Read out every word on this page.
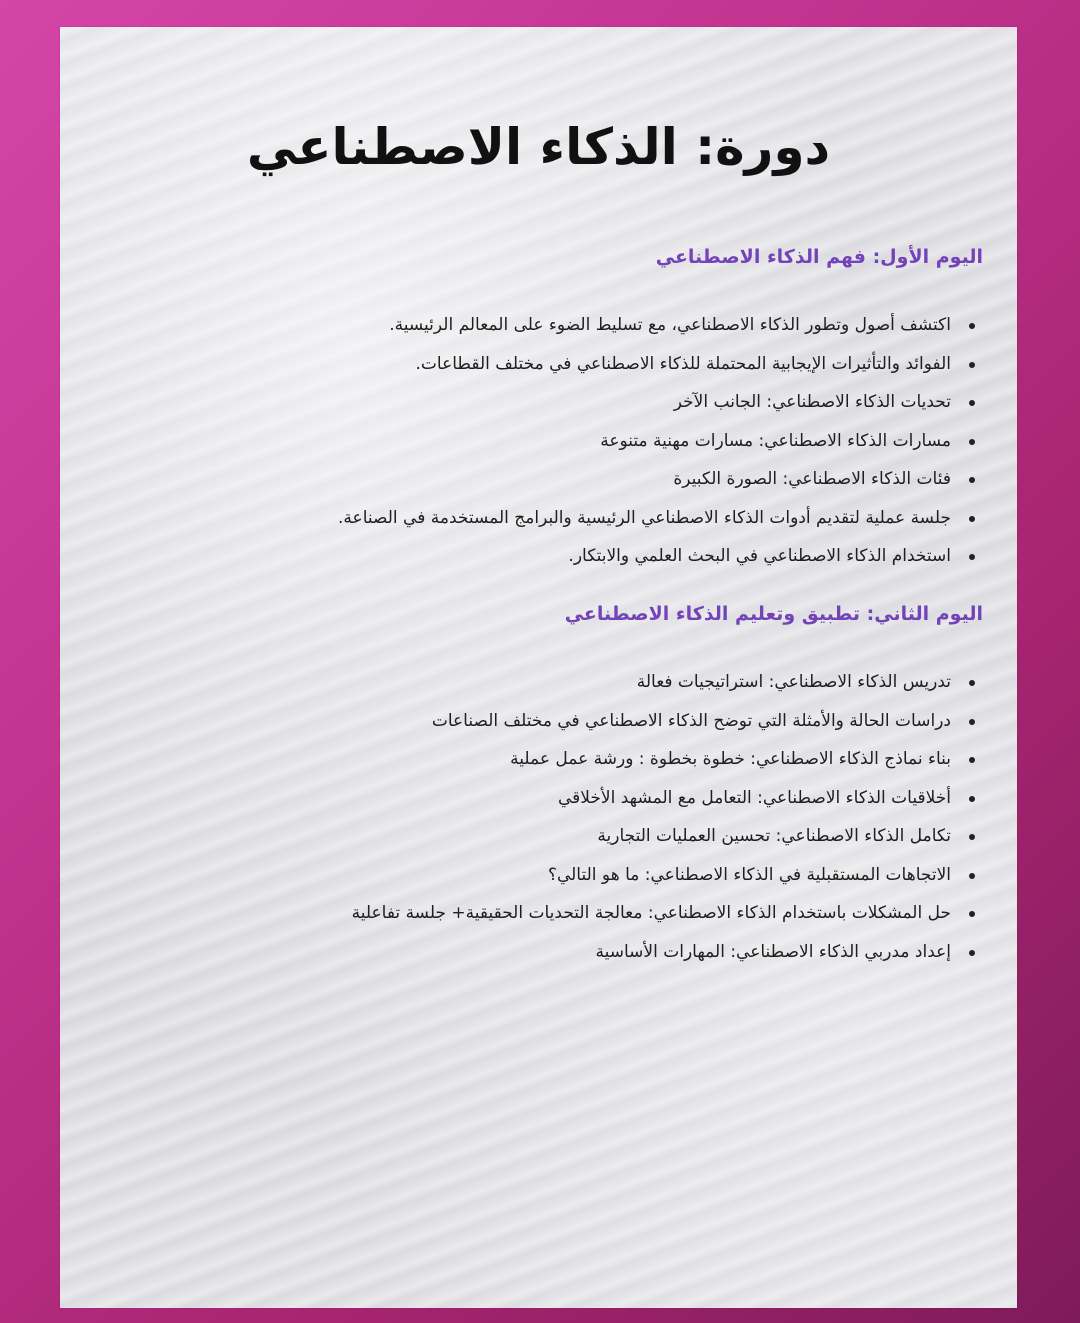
دورة: الذكاء الاصطناعي
اليوم الأول: فهم الذكاء الاصطناعي
اكتشف أصول وتطور الذكاء الاصطناعي، مع تسليط الضوء على المعالم الرئيسية.
الفوائد والتأثيرات الإيجابية المحتملة للذكاء الاصطناعي في مختلف القطاعات.
تحديات الذكاء الاصطناعي: الجانب الآخر
مسارات الذكاء الاصطناعي: مسارات مهنية متنوعة
فئات الذكاء الاصطناعي: الصورة الكبيرة
جلسة عملية لتقديم أدوات الذكاء الاصطناعي الرئيسية والبرامج المستخدمة في الصناعة.
استخدام الذكاء الاصطناعي في البحث العلمي والابتكار.
اليوم الثاني: تطبيق وتعليم الذكاء الاصطناعي
تدريس الذكاء الاصطناعي: استراتيجيات فعالة
دراسات الحالة والأمثلة التي توضح الذكاء الاصطناعي في مختلف الصناعات
بناء نماذج الذكاء الاصطناعي: خطوة بخطوة : ورشة عمل عملية
أخلاقيات الذكاء الاصطناعي: التعامل مع المشهد الأخلاقي
تكامل الذكاء الاصطناعي: تحسين العمليات التجارية
الاتجاهات المستقبلية في الذكاء الاصطناعي: ما هو التالي؟
حل المشكلات باستخدام الذكاء الاصطناعي: معالجة التحديات الحقيقية+ جلسة تفاعلية
إعداد مدربي الذكاء الاصطناعي: المهارات الأساسية
